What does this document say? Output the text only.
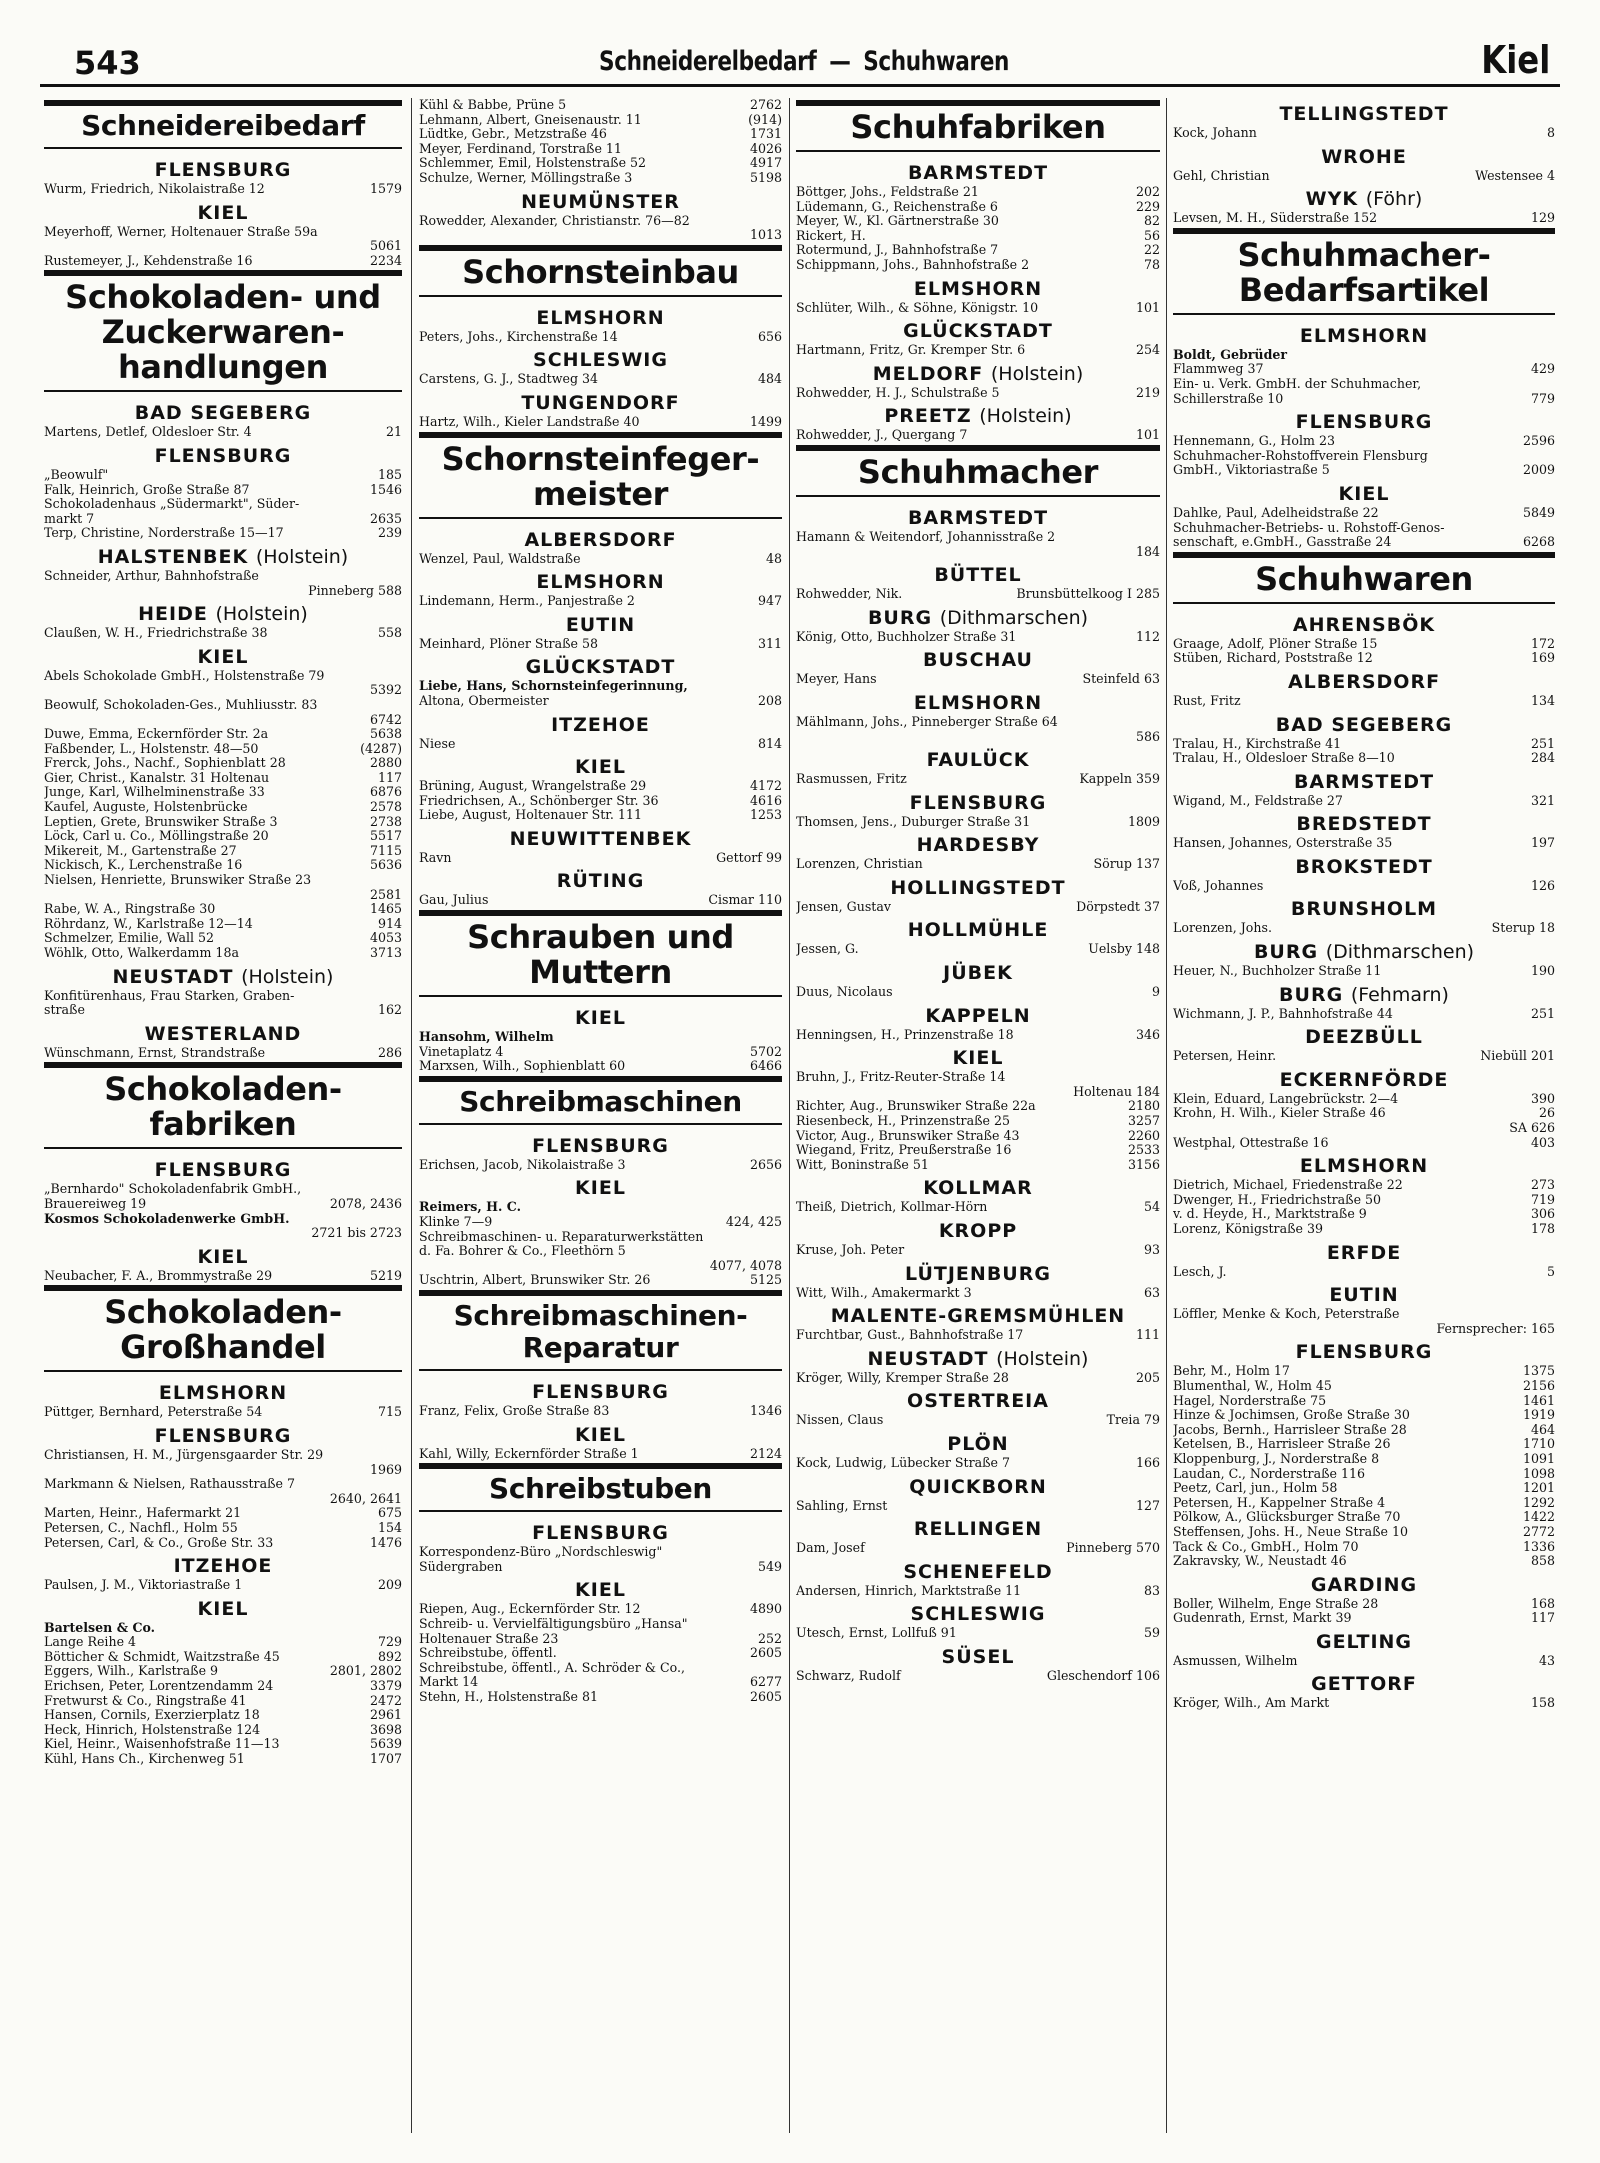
543	Schneiderelbedarf — Schuhwaren	Kiel
Schneidereibedarf
FLENSBURG
Wurm, Friedrich, Nikolaistraße 12	1579
KIEL
Meyerhoff, Werner, Holtenauer Straße 59a
5061
Rustemeyer, J., Kehdenstraße 16	2234
Schokoladen- und Zuckerwaren- handlungen
BAD SEGEBERG
Martens, Detlef, Oldesloer Str. 4	21
FLENSBURG
„Beowulf"	185
Falk, Heinrich, Große Straße 87	1546
Schokoladenhaus „Südermarkt", Süder-
markt 7	2635
Terp, Christine, Norderstraße 15—17	239
HALSTENBEK (Holstein)
Schneider, Arthur, Bahnhofstraße
Pinneberg 588
HEIDE (Holstein)
Claußen, W. H., Friedrichstraße 38	558
KIEL
Abels Schokolade GmbH., Holstenstraße 79
5392
Beowulf, Schokoladen-Ges., Muhliusstr. 83
6742
Duwe, Emma, Eckernförder Str. 2a	5638
Faßbender, L., Holstenstr. 48—50	(4287)
Frerck, Johs., Nachf., Sophienblatt 28	2880
Gier, Christ., Kanalstr. 31 Holtenau	117
Junge, Karl, Wilhelminenstraße 33	6876
Kaufel, Auguste, Holstenbrücke	2578
Leptien, Grete, Brunswiker Straße 3	2738
Löck, Carl u. Co., Möllingstraße 20	5517
Mikereit, M., Gartenstraße 27	7115
Nickisch, K., Lerchenstraße 16	5636
Nielsen, Henriette, Brunswiker Straße 23
2581
Rabe, W. A., Ringstraße 30	1465
Röhrdanz, W., Karlstraße 12—14	914
Schmelzer, Emilie, Wall 52	4053
Wöhlk, Otto, Walkerdamm 18a	3713
NEUSTADT (Holstein)
Konfitürenhaus, Frau Starken, Graben-
straße	162
WESTERLAND
Wünschmann, Ernst, Strandstraße	286
Schokoladen- fabriken
FLENSBURG
„Bernhardo" Schokoladenfabrik GmbH.,
Brauereiweg 19	2078, 2436
Kosmos Schokoladenwerke GmbH.
2721 bis 2723
KIEL
Neubacher, F. A., Brommystraße 29	5219
Schokoladen- Großhandel
ELMSHORN
Püttger, Bernhard, Peterstraße 54	715
FLENSBURG
Christiansen, H. M., Jürgensgaarder Str. 29
1969
Markmann & Nielsen, Rathausstraße 7
2640, 2641
Marten, Heinr., Hafermarkt 21	675
Petersen, C., Nachfl., Holm 55	154
Petersen, Carl, & Co., Große Str. 33	1476
ITZEHOE
Paulsen, J. M., Viktoriastraße 1	209
KIEL
Bartelsen & Co.
Lange Reihe 4	729
Bötticher & Schmidt, Waitzstraße 45	892
Eggers, Wilh., Karlstraße 9	2801, 2802
Erichsen, Peter, Lorentzendamm 24	3379
Fretwurst & Co., Ringstraße 41	2472
Hansen, Cornils, Exerzierplatz 18	2961
Heck, Hinrich, Holstenstraße 124	3698
Kiel, Heinr., Waisenhofstraße 11—13	5639
Kühl, Hans Ch., Kirchenweg 51	1707
Kühl & Babbe, Prüne 5	2762
Lehmann, Albert, Gneisenaustr. 11	(914)
Lüdtke, Gebr., Metzstraße 46	1731
Meyer, Ferdinand, Torstraße 11	4026
Schlemmer, Emil, Holstenstraße 52	4917
Schulze, Werner, Möllingstraße 3	5198
NEUMÜNSTER
Rowedder, Alexander, Christianstr. 76—82
1013
Schornsteinbau
ELMSHORN
Peters, Johs., Kirchenstraße 14	656
SCHLESWIG
Carstens, G. J., Stadtweg 34	484
TUNGENDORF
Hartz, Wilh., Kieler Landstraße 40	1499
Schornsteinfeger- meister
ALBERSDORF
Wenzel, Paul, Waldstraße	48
ELMSHORN
Lindemann, Herm., Panjestraße 2	947
EUTIN
Meinhard, Plöner Straße 58	311
GLÜCKSTADT
Liebe, Hans, Schornsteinfegerinnung,
Altona, Obermeister	208
ITZEHOE
Niese	814
KIEL
Brüning, August, Wrangelstraße 29	4172
Friedrichsen, A., Schönberger Str. 36	4616
Liebe, August, Holtenauer Str. 111	1253
NEUWITTENBEK
Ravn	Gettorf 99
RÜTING
Gau, Julius	Cismar 110
Schrauben und Muttern
KIEL
Hansohm, Wilhelm
Vinetaplatz 4	5702
Marxsen, Wilh., Sophienblatt 60	6466
Schreibmaschinen
FLENSBURG
Erichsen, Jacob, Nikolaistraße 3	2656
KIEL
Reimers, H. C.
Klinke 7—9	424, 425
Schreibmaschinen- u. Reparaturwerkstätten
d. Fa. Bohrer & Co., Fleethörn 5
4077, 4078
Uschtrin, Albert, Brunswiker Str. 26	5125
Schreibmaschinen- Reparatur
FLENSBURG
Franz, Felix, Große Straße 83	1346
KIEL
Kahl, Willy, Eckernförder Straße 1	2124
Schreibstuben
FLENSBURG
Korrespondenz-Büro „Nordschleswig"
Südergraben	549
KIEL
Riepen, Aug., Eckernförder Str. 12	4890
Schreib- u. Vervielfältigungsbüro „Hansa"
Holtenauer Straße 23	252
Schreibstube, öffentl.	2605
Schreibstube, öffentl., A. Schröder & Co.,
Markt 14	6277
Stehn, H., Holstenstraße 81	2605
Schuhfabriken
BARMSTEDT
Böttger, Johs., Feldstraße 21	202
Lüdemann, G., Reichenstraße 6	229
Meyer, W., Kl. Gärtnerstraße 30	82
Rickert, H.	56
Rotermund, J., Bahnhofstraße 7	22
Schippmann, Johs., Bahnhofstraße 2	78
ELMSHORN
Schlüter, Wilh., & Söhne, Königstr. 10	101
GLÜCKSTADT
Hartmann, Fritz, Gr. Kremper Str. 6	254
MELDORF (Holstein)
Rohwedder, H. J., Schulstraße 5	219
PREETZ (Holstein)
Rohwedder, J., Quergang 7	101
Schuhmacher
BARMSTEDT
Hamann & Weitendorf, Johannisstraße 2
184
BÜTTEL
Rohwedder, Nik.	Brunsbüttelkoog I 285
BURG (Dithmarschen)
König, Otto, Buchholzer Straße 31	112
BUSCHAU
Meyer, Hans	Steinfeld 63
ELMSHORN
Mählmann, Johs., Pinneberger Straße 64
586
FAULÜCK
Rasmussen, Fritz	Kappeln 359
FLENSBURG
Thomsen, Jens., Duburger Straße 31	1809
HARDESBY
Lorenzen, Christian	Sörup 137
HOLLINGSTEDT
Jensen, Gustav	Dörpstedt 37
HOLLMÜHLE
Jessen, G.	Uelsby 148
JÜBEK
Duus, Nicolaus	9
KAPPELN
Henningsen, H., Prinzenstraße 18	346
KIEL
Bruhn, J., Fritz-Reuter-Straße 14
Holtenau 184
Richter, Aug., Brunswiker Straße 22a	2180
Riesenbeck, H., Prinzenstraße 25	3257
Victor, Aug., Brunswiker Straße 43	2260
Wiegand, Fritz, Preußerstraße 16	2533
Witt, Boninstraße 51	3156
KOLLMAR
Theiß, Dietrich, Kollmar-Hörn	54
KROPP
Kruse, Joh. Peter	93
LÜTJENBURG
Witt, Wilh., Amakermarkt 3	63
MALENTE-GREMSMÜHLEN
Furchtbar, Gust., Bahnhofstraße 17	111
NEUSTADT (Holstein)
Kröger, Willy, Kremper Straße 28	205
OSTERTREIA
Nissen, Claus	Treia 79
PLÖN
Kock, Ludwig, Lübecker Straße 7	166
QUICKBORN
Sahling, Ernst	127
RELLINGEN
Dam, Josef	Pinneberg 570
SCHENEFELD
Andersen, Hinrich, Marktstraße 11	83
SCHLESWIG
Utesch, Ernst, Lollfuß 91	59
SÜSEL
Schwarz, Rudolf	Gleschendorf 106
TELLINGSTEDT
Kock, Johann	8
WROHE
Gehl, Christian	Westensee 4
WYK (Föhr)
Levsen, M. H., Süderstraße 152	129
Schuhmacher- Bedarfsartikel
ELMSHORN
Boldt, Gebrüder
Flammweg 37	429
Ein- u. Verk. GmbH. der Schuhmacher,
Schillerstraße 10	779
FLENSBURG
Hennemann, G., Holm 23	2596
Schuhmacher-Rohstoffverein Flensburg
GmbH., Viktoriastraße 5	2009
KIEL
Dahlke, Paul, Adelheidstraße 22	5849
Schuhmacher-Betriebs- u. Rohstoff-Genos-
senschaft, e.GmbH., Gasstraße 24	6268
Schuhwaren
AHRENSBÖK
Graage, Adolf, Plöner Straße 15	172
Stüben, Richard, Poststraße 12	169
ALBERSDORF
Rust, Fritz	134
BAD SEGEBERG
Tralau, H., Kirchstraße 41	251
Tralau, H., Oldesloer Straße 8—10	284
BARMSTEDT
Wigand, M., Feldstraße 27	321
BREDSTEDT
Hansen, Johannes, Osterstraße 35	197
BROKSTEDT
Voß, Johannes	126
BRUNSHOLM
Lorenzen, Johs.	Sterup 18
BURG (Dithmarschen)
Heuer, N., Buchholzer Straße 11	190
BURG (Fehmarn)
Wichmann, J. P., Bahnhofstraße 44	251
DEEZBÜLL
Petersen, Heinr.	Niebüll 201
ECKERNFÖRDE
Klein, Eduard, Langebrückstr. 2—4	390
Krohn, H. Wilh., Kieler Straße 46	26
SA 626
Westphal, Ottestraße 16	403
ELMSHORN
Dietrich, Michael, Friedenstraße 22	273
Dwenger, H., Friedrichstraße 50	719
v. d. Heyde, H., Marktstraße 9	306
Lorenz, Königstraße 39	178
ERFDE
Lesch, J.	5
EUTIN
Löffler, Menke & Koch, Peterstraße
Fernsprecher: 165
FLENSBURG
Behr, M., Holm 17	1375
Blumenthal, W., Holm 45	2156
Hagel, Norderstraße 75	1461
Hinze & Jochimsen, Große Straße 30	1919
Jacobs, Bernh., Harrisleer Straße 28	464
Ketelsen, B., Harrisleer Straße 26	1710
Kloppenburg, J., Norderstraße 8	1091
Laudan, C., Norderstraße 116	1098
Peetz, Carl, jun., Holm 58	1201
Petersen, H., Kappelner Straße 4	1292
Pölkow, A., Glücksburger Straße 70	1422
Steffensen, Johs. H., Neue Straße 10	2772
Tack & Co., GmbH., Holm 70	1336
Zakravsky, W., Neustadt 46	858
GARDING
Boller, Wilhelm, Enge Straße 28	168
Gudenrath, Ernst, Markt 39	117
GELTING
Asmussen, Wilhelm	43
GETTORF
Kröger, Wilh., Am Markt	158
